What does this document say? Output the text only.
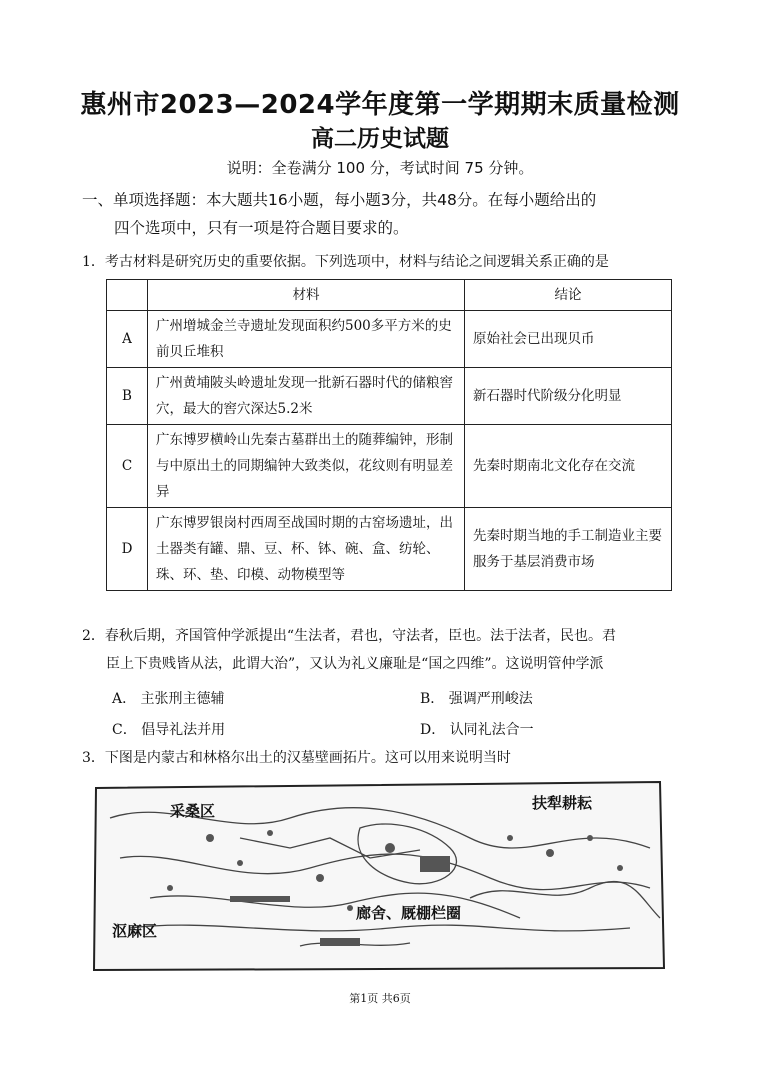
惠州市2023—2024学年度第一学期期末质量检测
高二历史试题
说明：全卷满分 100 分，考试时间 75 分钟。
一、单项选择题：本大题共16小题，每小题3分，共48分。在每小题给出的
四个选项中，只有一项是符合题目要求的。
1．考古材料是研究历史的重要依据。下列选项中，材料与结论之间逻辑关系正确的是
	材料	结论
A	广州增城金兰寺遗址发现面积约500多平方米的史前贝丘堆积	原始社会已出现贝币
B	广州黄埔陂头岭遗址发现一批新石器时代的储粮窖穴，最大的窖穴深达5.2米	新石器时代阶级分化明显
C	广东博罗横岭山先秦古墓群出土的随葬编钟，形制与中原出土的同期编钟大致类似，花纹则有明显差异	先秦时期南北文化存在交流
D	广东博罗银岗村西周至战国时期的古窑场遗址，出土器类有罐、鼎、豆、杯、钵、碗、盒、纺轮、珠、环、垫、印模、动物模型等	先秦时期当地的手工制造业主要服务于基层消费市场
2．春秋后期，齐国管仲学派提出“生法者，君也，守法者，臣也。法于法者，民也。君
臣上下贵贱皆从法，此谓大治”，又认为礼义廉耻是“国之四维”。这说明管仲学派
A． 主张刑主德辅	B． 强调严刑峻法
C． 倡导礼法并用	D． 认同礼法合一
3．下图是内蒙古和林格尔出土的汉墓壁画拓片。这可以用来说明当时
采桑区	扶犁耕耘
廊舍、厩棚栏圈
沤麻区
第1页 共6页
